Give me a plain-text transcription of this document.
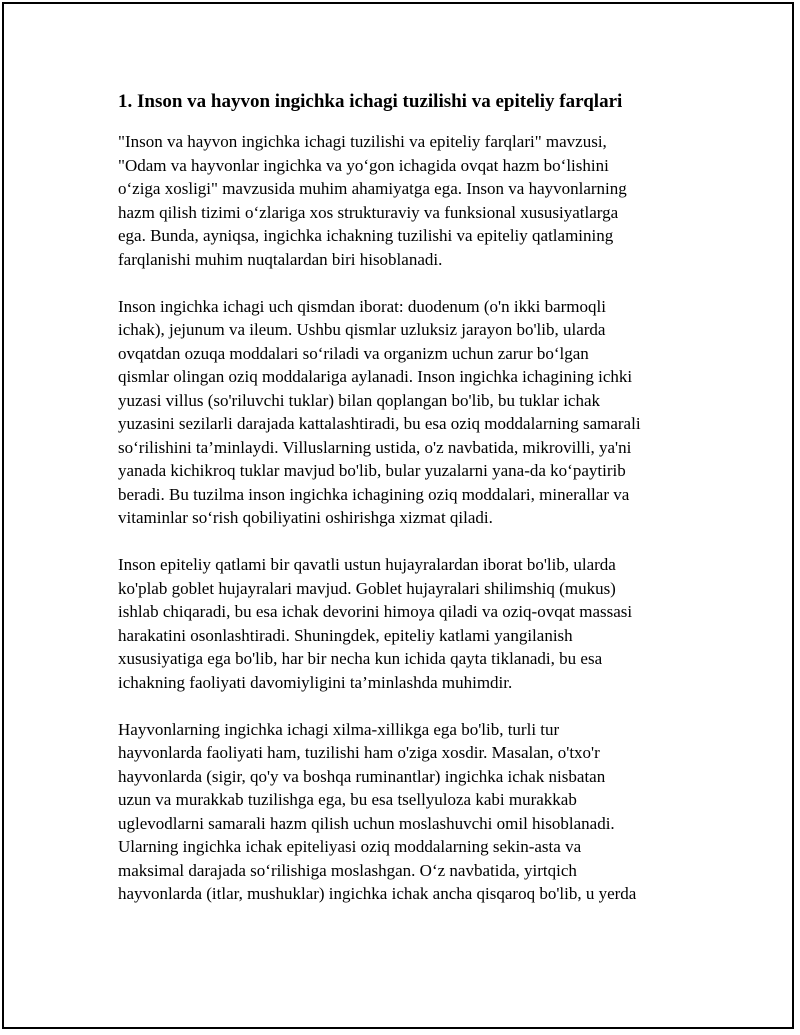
1. Inson va hayvon ingichka ichagi tuzilishi va epiteliy farqlari

"Inson va hayvon ingichka ichagi tuzilishi va epiteliy farqlari" mavzusi,
"Odam va hayvonlar ingichka va yo‘gon ichagida ovqat hazm bo‘lishini
o‘ziga xosligi" mavzusida muhim ahamiyatga ega. Inson va hayvonlarning
hazm qilish tizimi o‘zlariga xos strukturaviy va funksional xususiyatlarga
ega. Bunda, ayniqsa, ingichka ichakning tuzilishi va epiteliy qatlamining
farqlanishi muhim nuqtalardan biri hisoblanadi.

Inson ingichka ichagi uch qismdan iborat: duodenum (o'n ikki barmoqli
ichak), jejunum va ileum. Ushbu qismlar uzluksiz jarayon bo'lib, ularda
ovqatdan ozuqa moddalari so‘riladi va organizm uchun zarur bo‘lgan
qismlar olingan oziq moddalariga aylanadi. Inson ingichka ichagining ichki
yuzasi villus (so'riluvchi tuklar) bilan qoplangan bo'lib, bu tuklar ichak
yuzasini sezilarli darajada kattalashtiradi, bu esa oziq moddalarning samarali
so‘rilishini ta’minlaydi. Villuslarning ustida, o'z navbatida, mikrovilli, ya'ni
yanada kichikroq tuklar mavjud bo'lib, bular yuzalarni yana-da ko‘paytirib
beradi. Bu tuzilma inson ingichka ichagining oziq moddalari, minerallar va
vitaminlar so‘rish qobiliyatini oshirishga xizmat qiladi.

Inson epiteliy qatlami bir qavatli ustun hujayralardan iborat bo'lib, ularda
ko'plab goblet hujayralari mavjud. Goblet hujayralari shilimshiq (mukus)
ishlab chiqaradi, bu esa ichak devorini himoya qiladi va oziq-ovqat massasi
harakatini osonlashtiradi. Shuningdek, epiteliy katlami yangilanish
xususiyatiga ega bo'lib, har bir necha kun ichida qayta tiklanadi, bu esa
ichakning faoliyati davomiyligini ta’minlashda muhimdir.

Hayvonlarning ingichka ichagi xilma-xillikga ega bo'lib, turli tur
hayvonlarda faoliyati ham, tuzilishi ham o'ziga xosdir. Masalan, o'txo'r
hayvonlarda (sigir, qo'y va boshqa ruminantlar) ingichka ichak nisbatan
uzun va murakkab tuzilishga ega, bu esa tsellyuloza kabi murakkab
uglevodlarni samarali hazm qilish uchun moslashuvchi omil hisoblanadi.
Ularning ingichka ichak epiteliyasi oziq moddalarning sekin-asta va
maksimal darajada so‘rilishiga moslashgan. O‘z navbatida, yirtqich
hayvonlarda (itlar, mushuklar) ingichka ichak ancha qisqaroq bo'lib, u yerda
